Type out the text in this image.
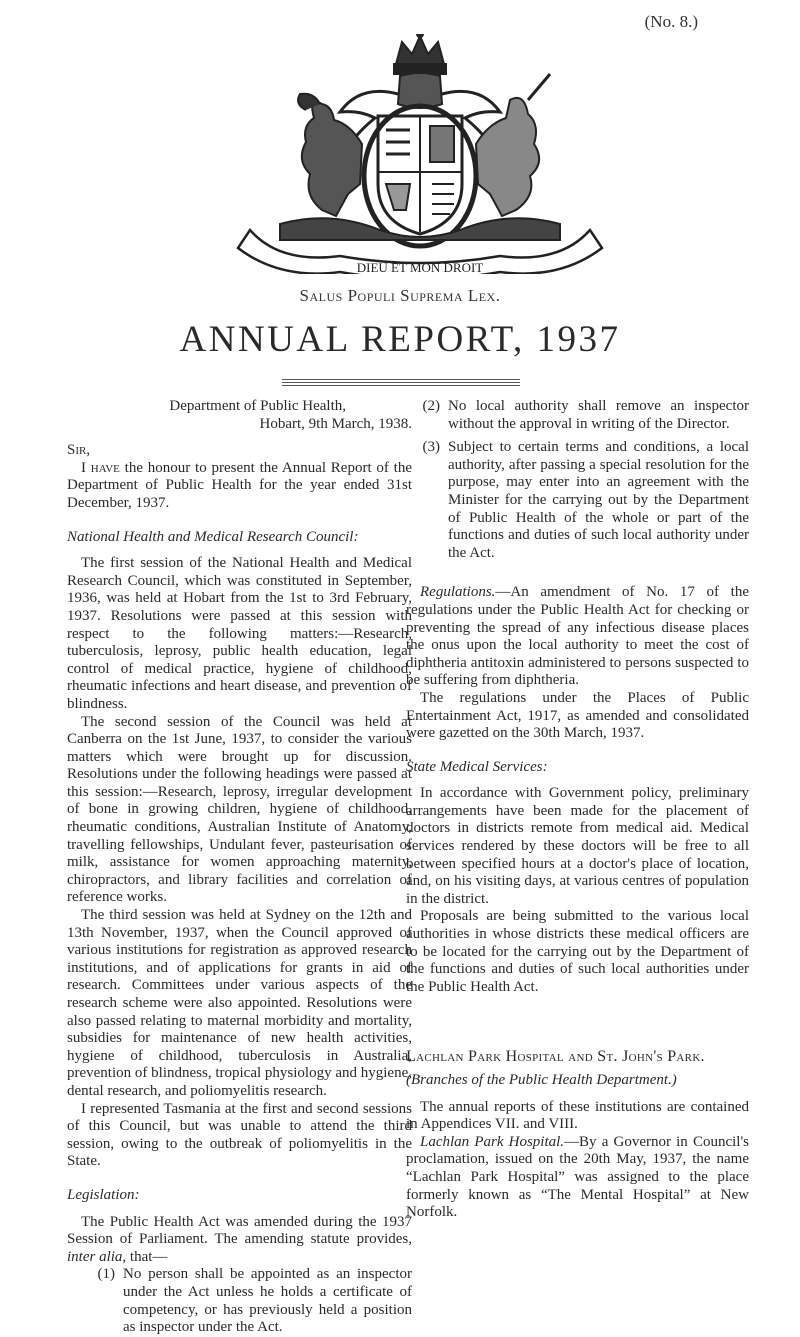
(No. 8.)
DIEU ET MON DROIT
Salus Populi Suprema Lex.
ANNUAL REPORT, 1937

Department of Public Health,

Hobart, 9th March, 1938.

Sir,

I have the honour to present the Annual Report of the Department of Public Health for the year ended 31st December, 1937.

National Health and Medical Research Council:

The first session of the National Health and Medical Research Council, which was constituted in September, 1936, was held at Hobart from the 1st to 3rd February, 1937. Resolutions were passed at this session with respect to the following matters:—Research, tuberculosis, leprosy, public health education, legal control of medical practice, hygiene of childhood, rheumatic infections and heart disease, and prevention of blindness.

The second session of the Council was held at Canberra on the 1st June, 1937, to consider the various matters which were brought up for discussion. Resolutions under the following headings were passed at this session:—Research, leprosy, irregular development of bone in growing children, hygiene of childhood, rheumatic conditions, Australian Institute of Anatomy, travelling fellowships, Undulant fever, pasteurisation of milk, assistance for women approaching maternity, chiropractors, and library facilities and correlation of reference works.

The third session was held at Sydney on the 12th and 13th November, 1937, when the Council approved of various institutions for registration as approved research institutions, and of applications for grants in aid of research. Committees under various aspects of the research scheme were also appointed. Resolutions were also passed relating to maternal morbidity and mortality, subsidies for maintenance of new health activities, hygiene of childhood, tuberculosis in Australia, prevention of blindness, tropical physiology and hygiene, dental research, and poliomyelitis research.

I represented Tasmania at the first and second sessions of this Council, but was unable to attend the third session, owing to the outbreak of poliomyelitis in the State.

Legislation:

The Public Health Act was amended during the 1937 Session of Parliament. The amending statute provides, inter alia, that—

(1) No person shall be appointed as an inspector under the Act unless he holds a certificate of competency, or has previously held a position as inspector under the Act.
(2) No local authority shall remove an inspector without the approval in writing of the Director.
(3) Subject to certain terms and conditions, a local authority, after passing a special resolution for the purpose, may enter into an agreement with the Minister for the carrying out by the Department of Public Health of the whole or part of the functions and duties of such local authority under the Act.

Regulations.—An amendment of No. 17 of the regulations under the Public Health Act for checking or preventing the spread of any infectious disease places the onus upon the local authority to meet the cost of diphtheria antitoxin administered to persons suspected to be suffering from diphtheria.

The regulations under the Places of Public Entertainment Act, 1917, as amended and consolidated were gazetted on the 30th March, 1937.

State Medical Services:

In accordance with Government policy, preliminary arrangements have been made for the placement of doctors in districts remote from medical aid. Medical services rendered by these doctors will be free to all between specified hours at a doctor's place of location, and, on his visiting days, at various centres of population in the district.

Proposals are being submitted to the various local authorities in whose districts these medical officers are to be located for the carrying out by the Department of the functions and duties of such local authorities under the Public Health Act.

Lachlan Park Hospital and St. John's Park.

(Branches of the Public Health Department.)

The annual reports of these institutions are contained in Appendices VII. and VIII.

Lachlan Park Hospital.—By a Governor in Council's proclamation, issued on the 20th May, 1937, the name “Lachlan Park Hospital” was assigned to the place formerly known as “The Mental Hospital” at New Norfolk.
